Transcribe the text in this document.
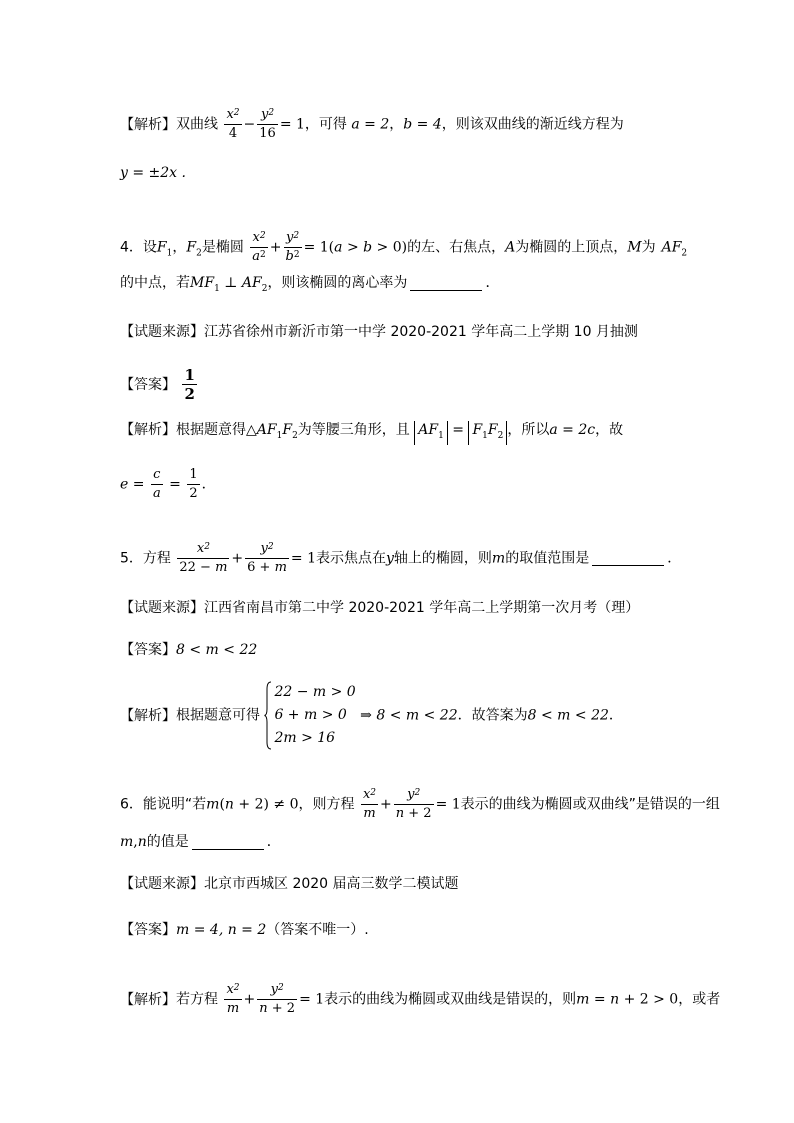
【解析】双曲线 $\frac{x^2}{4} - \frac{y^2}{16} = 1$，可得 a = 2，b = 4，则该双曲线的渐近线方程为
y = ±2x .
4．设$F_1$，$F_2$是椭圆 $\frac{x^2}{a^2} + \frac{y^2}{b^2} = 1(a > b > 0)$的左、右焦点，A为椭圆的上顶点，M为 $AF_2$
的中点，若$MF_1$ ⊥ $AF_2$，则该椭圆的离心率为	．
【试题来源】江苏省徐州市新沂市第一中学 2020-2021 学年高二上学期 10 月抽测
【答案】 $\frac{1}{2}$
【解析】根据题意得$\triangle AF_1F_2$为等腰三角形，且 $AF_1 = F_1F_2$ ，所以a = 2c，故
$e = \frac{c}{a} = \frac{1}{2}$ ．
5．方程 $\frac{x^2}{22 - m} + \frac{y^2}{6 + m} = 1$表示焦点在y轴上的椭圆，则m的取值范围是	．
【试题来源】江西省南昌市第二中学 2020-2021 学年高二上学期第一次月考（理）
【答案】8 < m < 22
【解析】根据题意可得
22 − m > 0
6 + m > 0
2m > 16
⇒ 8 < m < 22．故答案为8 < m < 22．
6．能说明“若m(n + 2) ≠ 0，则方程 $\frac{x^2}{m} + \frac{y^2}{n + 2} = 1$表示的曲线为椭圆或双曲线”是错误的一组
m,n的值是	．
【试题来源】北京市西城区 2020 届高三数学二模试题
【答案】m = 4, n = 2（答案不唯一）.
【解析】若方程 $\frac{x^2}{m} + \frac{y^2}{n + 2} = 1$表示的曲线为椭圆或双曲线是错误的，则m = n + 2 > 0，或者
